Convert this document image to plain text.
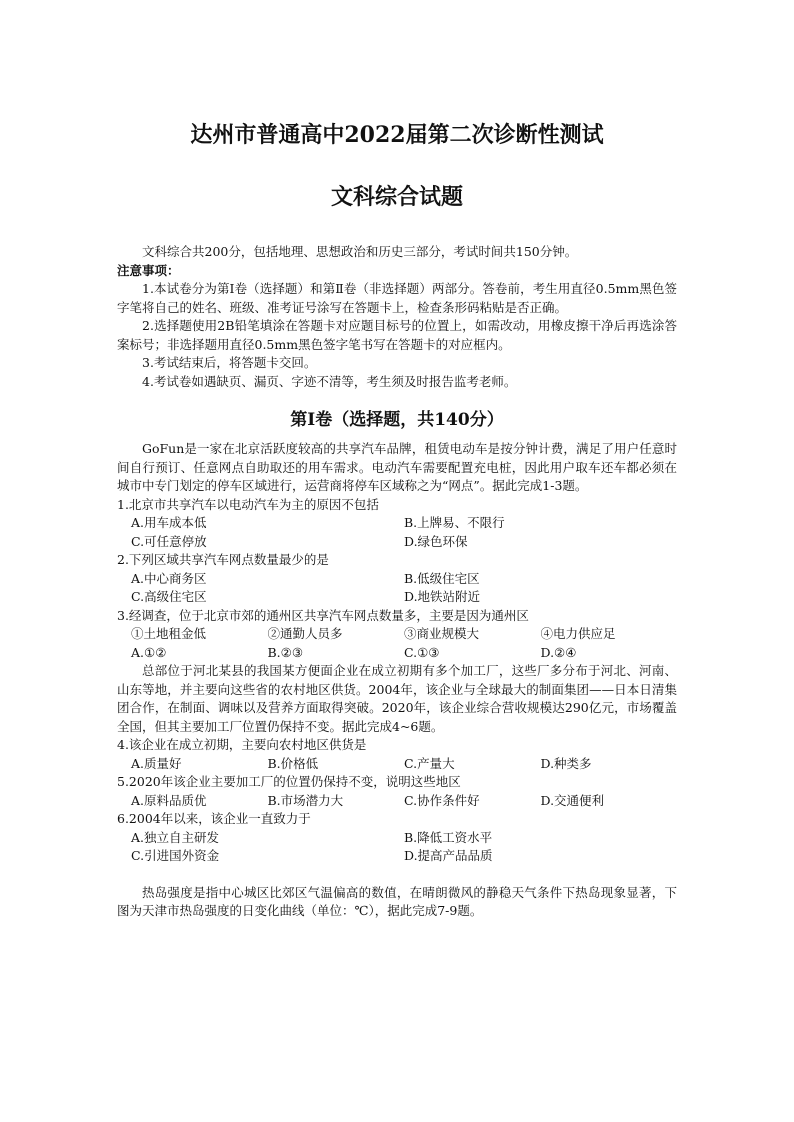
达州市普通高中2022届第二次诊断性测试
文科综合试题

文科综合共200分，包括地理、思想政治和历史三部分，考试时间共150分钟。

注意事项：

1.本试卷分为第Ⅰ卷（选择题）和第Ⅱ卷（非选择题）两部分。答卷前，考生用直径0.5mm黑色签字笔将自己的姓名、班级、准考证号涂写在答题卡上，检查条形码粘贴是否正确。

2.选择题使用2B铅笔填涂在答题卡对应题目标号的位置上，如需改动，用橡皮擦干净后再选涂答案标号；非选择题用直径0.5mm黑色签字笔书写在答题卡的对应框内。

3.考试结束后，将答题卡交回。

4.考试卷如遇缺页、漏页、字迹不清等，考生须及时报告监考老师。

第Ⅰ卷（选择题，共140分）

GoFun是一家在北京活跃度较高的共享汽车品牌，租赁电动车是按分钟计费，满足了用户任意时间自行预订、任意网点自助取还的用车需求。电动汽车需要配置充电桩，因此用户取车还车都必须在城市中专门划定的停车区域进行，运营商将停车区域称之为“网点”。据此完成1-3题。

1.北京市共享汽车以电动汽车为主的原因不包括

A.用车成本低	B.上牌易、不限行
C.可任意停放	D.绿色环保

2.下列区域共享汽车网点数量最少的是

A.中心商务区	B.低级住宅区
C.高级住宅区	D.地铁站附近

3.经调查，位于北京市郊的通州区共享汽车网点数量多，主要是因为通州区

①土地租金低	②通勤人员多	③商业规模大	④电力供应足
A.①②	B.②③	C.①③	D.②④

总部位于河北某县的我国某方便面企业在成立初期有多个加工厂，这些厂多分布于河北、河南、山东等地，并主要向这些省的农村地区供货。2004年，该企业与全球最大的制面集团——日本日清集团合作，在制面、调味以及营养方面取得突破。2020年，该企业综合营收规模达290亿元，市场覆盖全国，但其主要加工厂位置仍保持不变。据此完成4~6题。

4.该企业在成立初期，主要向农村地区供货是

A.质量好	B.价格低	C.产量大	D.种类多

5.2020年该企业主要加工厂的位置仍保持不变，说明这些地区

A.原料品质优	B.市场潜力大	C.协作条件好	D.交通便利

6.2004年以来，该企业一直致力于

A.独立自主研发	B.降低工资水平
C.引进国外资金	D.提高产品品质

热岛强度是指中心城区比郊区气温偏高的数值，在晴朗微风的静稳天气条件下热岛现象显著，下图为天津市热岛强度的日变化曲线（单位：℃），据此完成7-9题。
